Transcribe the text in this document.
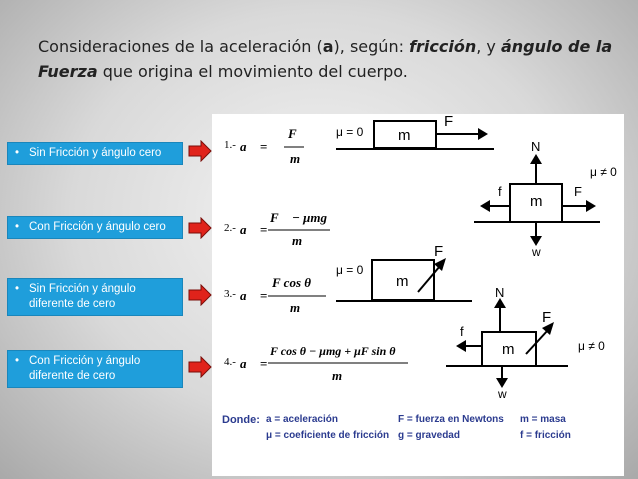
Consideraciones de la aceleración (a), según: fricción, y ángulo de la Fuerza que origina el movimiento del cuerpo.
• Sin Fricción y ángulo cero
• Con Fricción y ángulo cero
• Sin Fricción y ángulo diferente de cero
• Con Fricción y ángulo diferente de cero
1.- a⃗ =
F⃗
m
2.- a⃗ =
F⃗ − μmg
m
3.- a⃗ =
F cos θ
m
4.- a⃗ =
F cos θ − μmg + μF sin θ
m
μ = 0 m
F
m
N
w
f	F
μ ≠ 0
μ = 0
m
F
m
N
w
f
F
μ ≠ 0
Donde: a = aceleración	F = fuerza en Newtons m = masa
μ = coeficiente de fricción g = gravedad	f = fricción
